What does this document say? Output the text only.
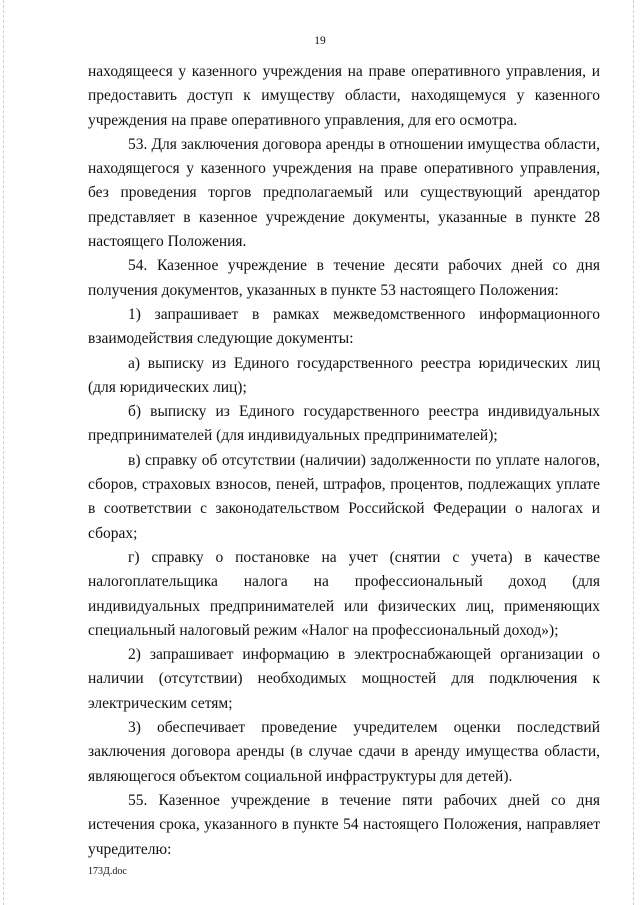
19

находящееся у казенного учреждения на праве оперативного управления, и предоставить доступ к имуществу области, находящемуся у казенного учреждения на праве оперативного управления, для его осмотра.

53. Для заключения договора аренды в отношении имущества области, находящегося у казенного учреждения на праве оперативного управления, без проведения торгов предполагаемый или существующий арендатор представляет в казенное учреждение документы, указанные в пункте 28 настоящего Положения.

54. Казенное учреждение в течение десяти рабочих дней со дня получения документов, указанных в пункте 53 настоящего Положения:

1) запрашивает в рамках межведомственного информационного взаимодействия следующие документы:

а) выписку из Единого государственного реестра юридических лиц (для юридических лиц);

б) выписку из Единого государственного реестра индивидуальных предпринимателей (для индивидуальных предпринимателей);

в) справку об отсутствии (наличии) задолженности по уплате налогов, сборов, страховых взносов, пеней, штрафов, процентов, подлежащих уплате в соответствии с законодательством Российской Федерации о налогах и сборах;

г) справку о постановке на учет (снятии с учета) в качестве налогоплательщика налога на профессиональный доход (для индивидуальных предпринимателей или физических лиц, применяющих специальный налоговый режим «Налог на профессиональный доход»);

2) запрашивает информацию в электроснабжающей организации о наличии (отсутствии) необходимых мощностей для подключения к электрическим сетям;

3) обеспечивает проведение учредителем оценки последствий заключения договора аренды (в случае сдачи в аренду имущества области, являющегося объектом социальной инфраструктуры для детей).

55. Казенное учреждение в течение пяти рабочих дней со дня истечения срока, указанного в пункте 54 настоящего Положения, направляет учредителю:

173Д.doc
